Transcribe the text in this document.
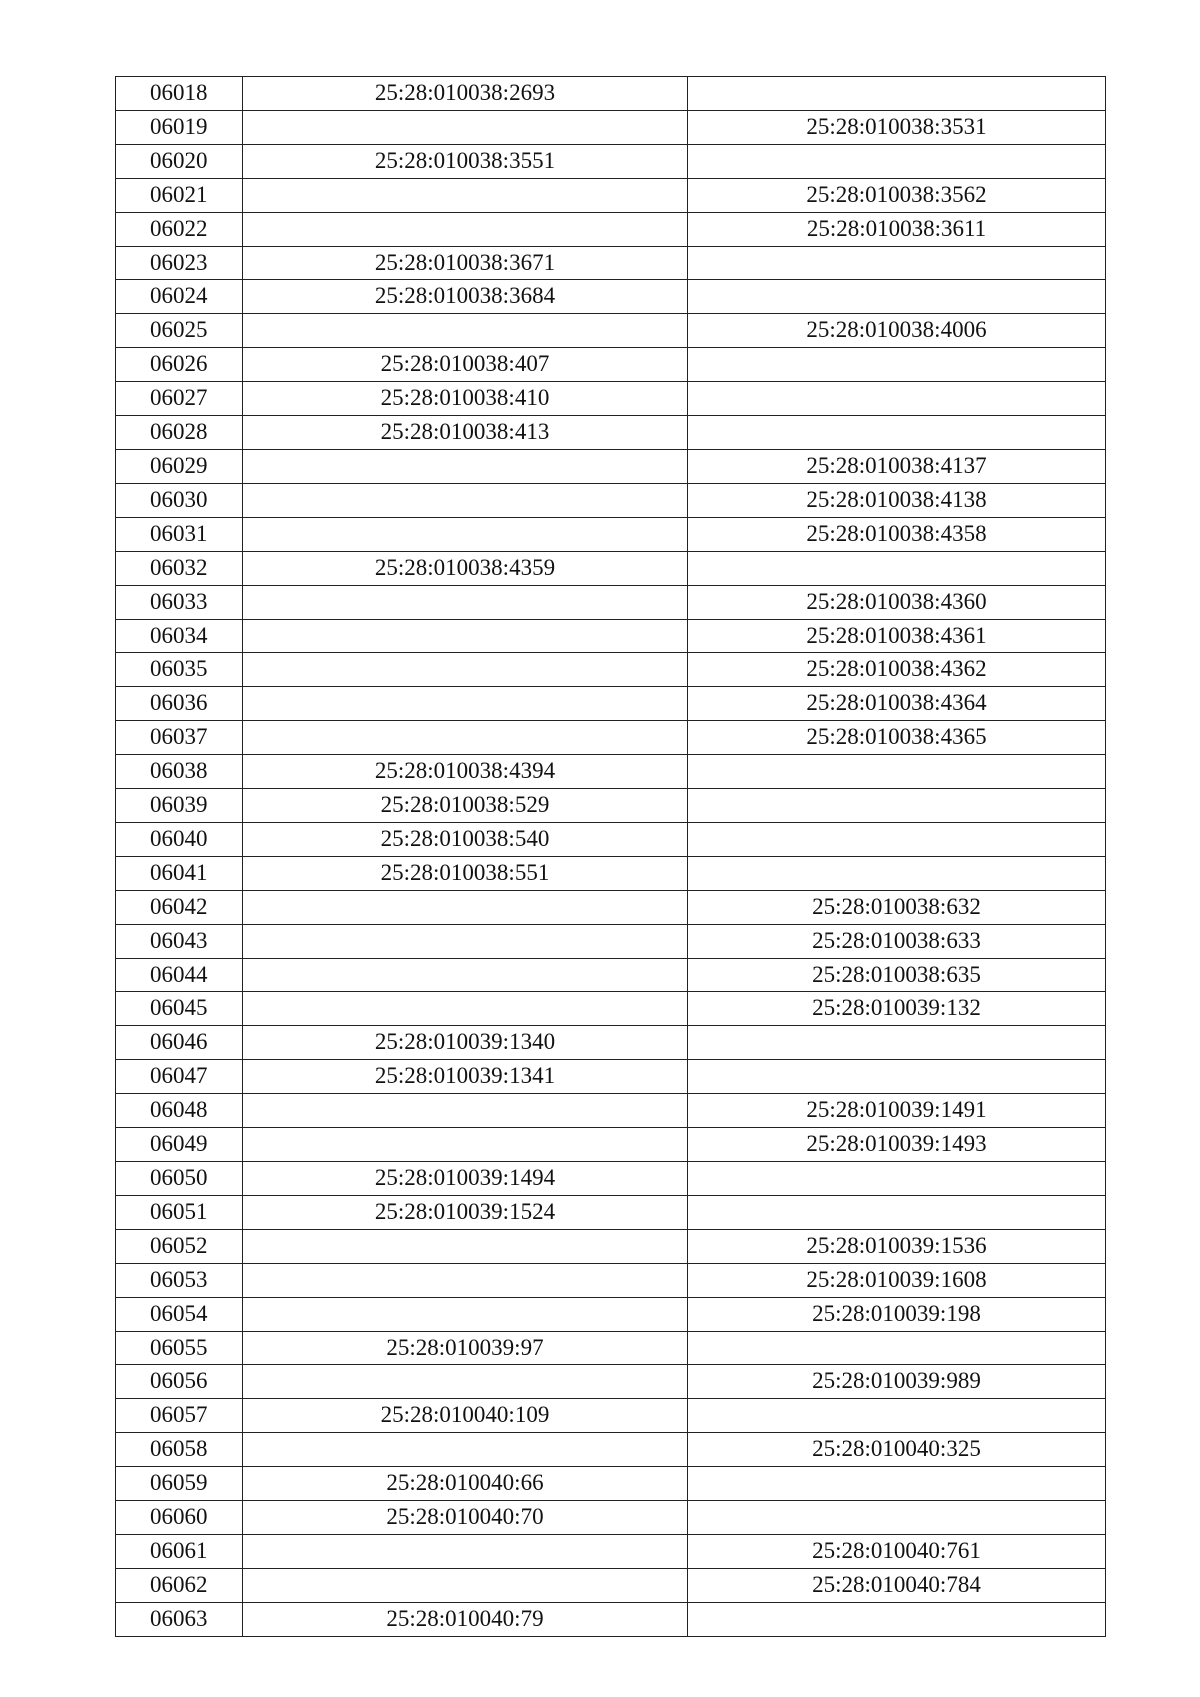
06018	25:28:010038:2693	
06019		25:28:010038:3531
06020	25:28:010038:3551	
06021		25:28:010038:3562
06022		25:28:010038:3611
06023	25:28:010038:3671	
06024	25:28:010038:3684	
06025		25:28:010038:4006
06026	25:28:010038:407	
06027	25:28:010038:410	
06028	25:28:010038:413	
06029		25:28:010038:4137
06030		25:28:010038:4138
06031		25:28:010038:4358
06032	25:28:010038:4359	
06033		25:28:010038:4360
06034		25:28:010038:4361
06035		25:28:010038:4362
06036		25:28:010038:4364
06037		25:28:010038:4365
06038	25:28:010038:4394	
06039	25:28:010038:529	
06040	25:28:010038:540	
06041	25:28:010038:551	
06042		25:28:010038:632
06043		25:28:010038:633
06044		25:28:010038:635
06045		25:28:010039:132
06046	25:28:010039:1340	
06047	25:28:010039:1341	
06048		25:28:010039:1491
06049		25:28:010039:1493
06050	25:28:010039:1494	
06051	25:28:010039:1524	
06052		25:28:010039:1536
06053		25:28:010039:1608
06054		25:28:010039:198
06055	25:28:010039:97	
06056		25:28:010039:989
06057	25:28:010040:109	
06058		25:28:010040:325
06059	25:28:010040:66	
06060	25:28:010040:70	
06061		25:28:010040:761
06062		25:28:010040:784
06063	25:28:010040:79	
